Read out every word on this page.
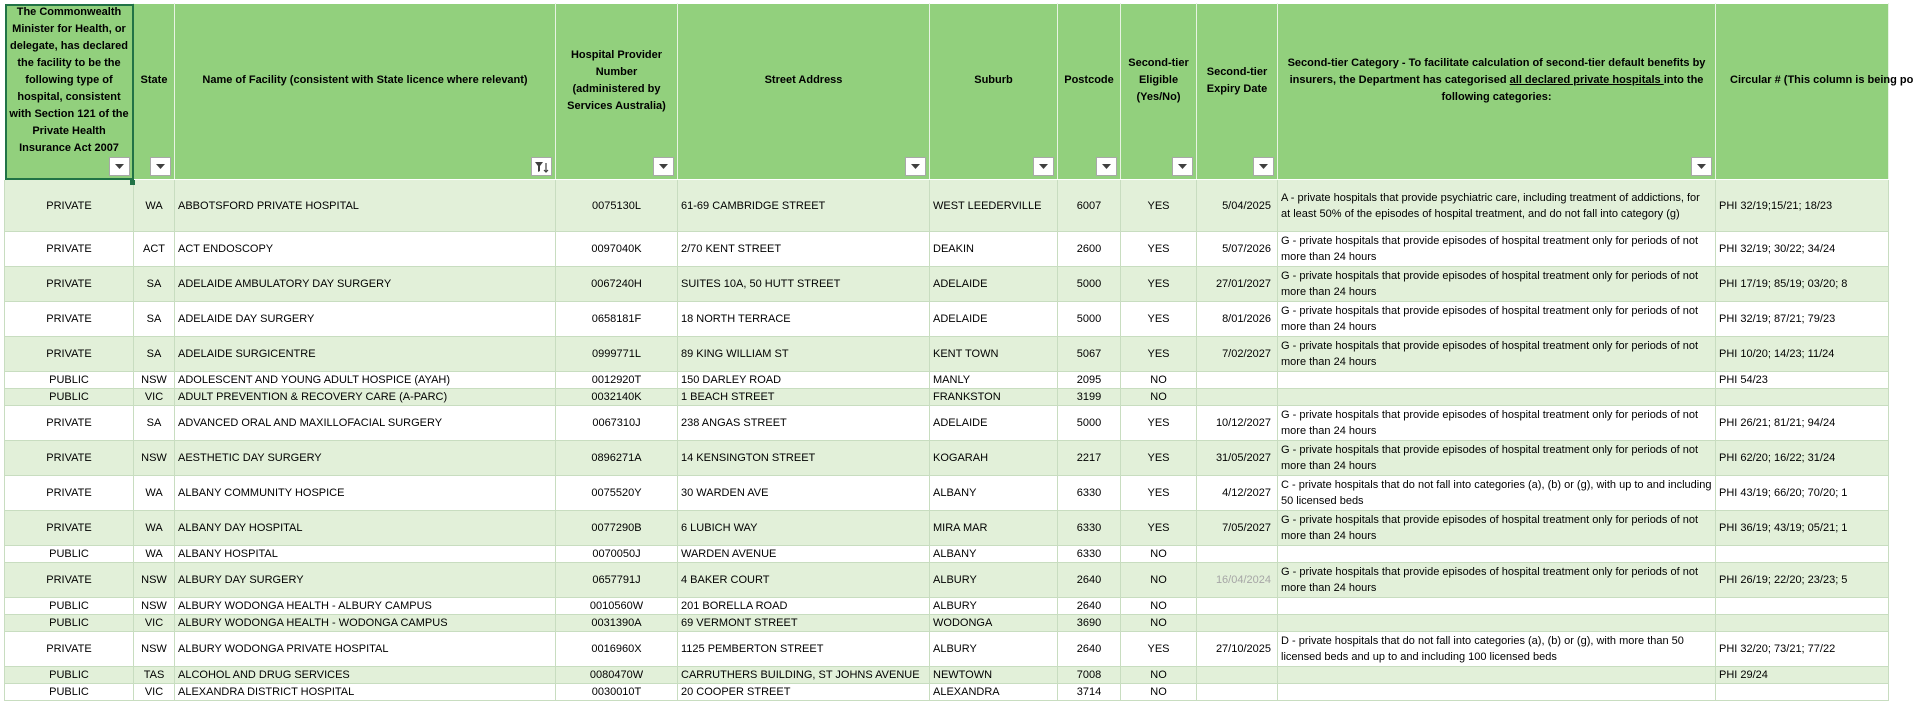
The Commonwealth Minister for Health, or delegate, has declared the facility to be the following type of hospital, consistent with Section 121 of the Private Health Insurance Act 2007	State	Name of Facility (consistent with State licence where relevant)	Hospital Provider Number (administered by Services Australia)	Street Address	Suburb	Postcode	Second-tier Eligible (Yes/No)	Second-tier Expiry Date	Second-tier Category - To facilitate calculation of second-tier default benefits by insurers, the Department has categorised all declared private hospitals into the following categories:	Circular # (This column is being po
PRIVATE	WA	ABBOTSFORD PRIVATE HOSPITAL	0075130L	61-69 CAMBRIDGE STREET	WEST LEEDERVILLE	6007	YES	5/04/2025	A - private hospitals that provide psychiatric care, including treatment of addictions, for at least 50% of the episodes of hospital treatment, and do not fall into category (g)	PHI 32/19;15/21; 18/23
PRIVATE	ACT	ACT ENDOSCOPY	0097040K	2/70 KENT STREET	DEAKIN	2600	YES	5/07/2026	G - private hospitals that provide episodes of hospital treatment only for periods of not more than 24 hours	PHI 32/19; 30/22; 34/24
PRIVATE	SA	ADELAIDE AMBULATORY DAY SURGERY	0067240H	SUITES 10A, 50 HUTT STREET	ADELAIDE	5000	YES	27/01/2027	G - private hospitals that provide episodes of hospital treatment only for periods of not more than 24 hours	PHI 17/19; 85/19; 03/20; 8
PRIVATE	SA	ADELAIDE DAY SURGERY	0658181F	18 NORTH TERRACE	ADELAIDE	5000	YES	8/01/2026	G - private hospitals that provide episodes of hospital treatment only for periods of not more than 24 hours	PHI 32/19; 87/21; 79/23
PRIVATE	SA	ADELAIDE SURGICENTRE	0999771L	89 KING WILLIAM ST	KENT TOWN	5067	YES	7/02/2027	G - private hospitals that provide episodes of hospital treatment only for periods of not more than 24 hours	PHI 10/20; 14/23; 11/24
PUBLIC	NSW	ADOLESCENT AND YOUNG ADULT HOSPICE (AYAH)	0012920T	150 DARLEY ROAD	MANLY	2095	NO			PHI 54/23
PUBLIC	VIC	ADULT PREVENTION & RECOVERY CARE (A-PARC)	0032140K	1 BEACH STREET	FRANKSTON	3199	NO			
PRIVATE	SA	ADVANCED ORAL AND MAXILLOFACIAL SURGERY	0067310J	238 ANGAS STREET	ADELAIDE	5000	YES	10/12/2027	G - private hospitals that provide episodes of hospital treatment only for periods of not more than 24 hours	PHI 26/21; 81/21; 94/24
PRIVATE	NSW	AESTHETIC DAY SURGERY	0896271A	14 KENSINGTON STREET	KOGARAH	2217	YES	31/05/2027	G - private hospitals that provide episodes of hospital treatment only for periods of not more than 24 hours	PHI 62/20; 16/22; 31/24
PRIVATE	WA	ALBANY COMMUNITY HOSPICE	0075520Y	30 WARDEN AVE	ALBANY	6330	YES	4/12/2027	C - private hospitals that do not fall into categories (a), (b) or (g), with up to and including 50 licensed beds	PHI 43/19; 66/20; 70/20; 1
PRIVATE	WA	ALBANY DAY HOSPITAL	0077290B	6 LUBICH WAY	MIRA MAR	6330	YES	7/05/2027	G - private hospitals that provide episodes of hospital treatment only for periods of not more than 24 hours	PHI 36/19; 43/19; 05/21; 1
PUBLIC	WA	ALBANY HOSPITAL	0070050J	WARDEN AVENUE	ALBANY	6330	NO			
PRIVATE	NSW	ALBURY DAY SURGERY	0657791J	4 BAKER COURT	ALBURY	2640	NO	16/04/2024	G - private hospitals that provide episodes of hospital treatment only for periods of not more than 24 hours	PHI 26/19; 22/20; 23/23; 5
PUBLIC	NSW	ALBURY WODONGA HEALTH - ALBURY CAMPUS	0010560W	201 BORELLA ROAD	ALBURY	2640	NO			
PUBLIC	VIC	ALBURY WODONGA HEALTH - WODONGA CAMPUS	0031390A	69 VERMONT STREET	WODONGA	3690	NO			
PRIVATE	NSW	ALBURY WODONGA PRIVATE HOSPITAL	0016960X	1125 PEMBERTON STREET	ALBURY	2640	YES	27/10/2025	D - private hospitals that do not fall into categories (a), (b) or (g), with more than 50 licensed beds and up to and including 100 licensed beds	PHI 32/20; 73/21; 77/22
PUBLIC	TAS	ALCOHOL AND DRUG SERVICES	0080470W	CARRUTHERS BUILDING, ST JOHNS AVENUE	NEWTOWN	7008	NO			PHI 29/24
PUBLIC	VIC	ALEXANDRA DISTRICT HOSPITAL	0030010T	20 COOPER STREET	ALEXANDRA	3714	NO			
